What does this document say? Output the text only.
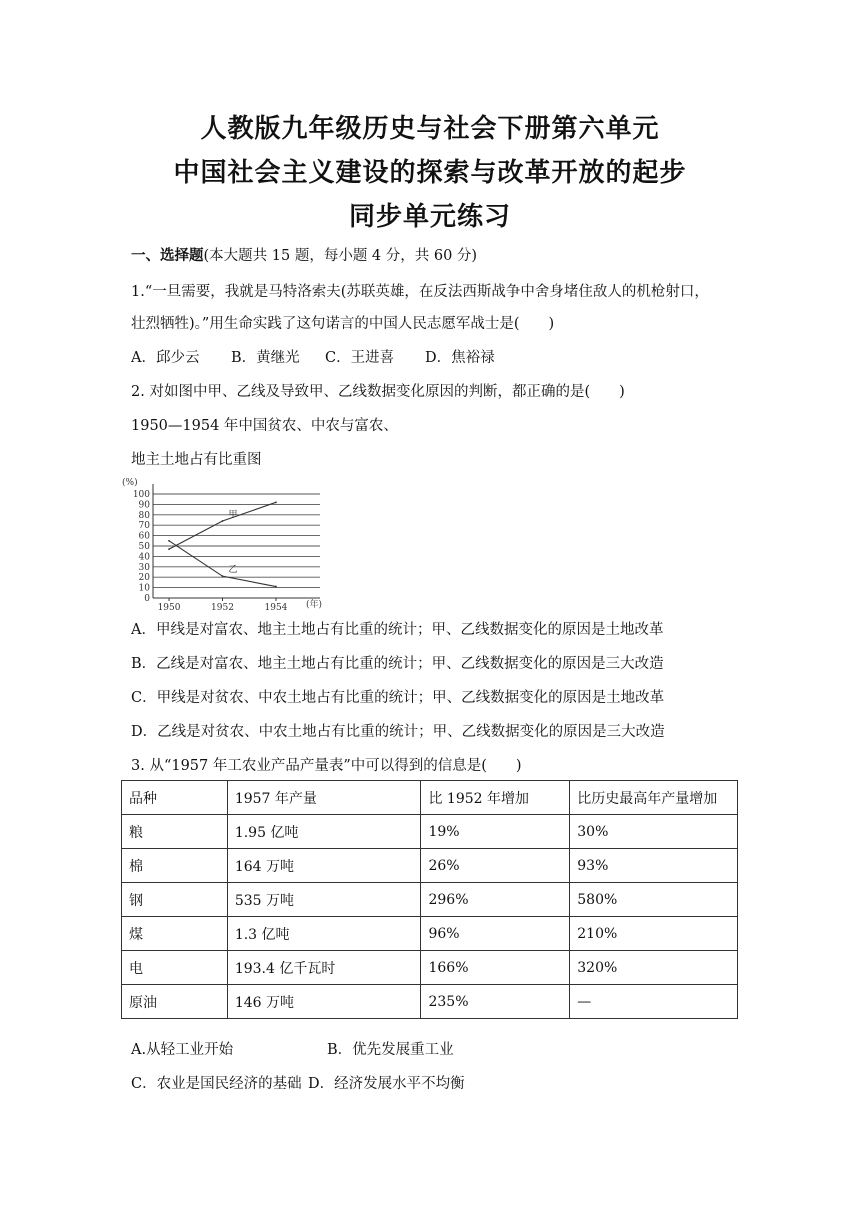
人教版九年级历史与社会下册第六单元
中国社会主义建设的探索与改革开放的起步
同步单元练习
一、选择题(本大题共 15 题，每小题 4 分，共 60 分)
1.“一旦需要，我就是马特洛索夫(苏联英雄，在反法西斯战争中舍身堵住敌人的机枪射口，
壮烈牺牲)。”用生命实践了这句诺言的中国人民志愿军战士是(　　)
A．邱少云 B．黄继光 C．王进喜 D．焦裕禄
2. 对如图中甲、乙线及导致甲、乙线数据变化原因的判断，都正确的是(　　)
1950—1954 年中国贫农、中农与富农、
地主土地占有比重图
0
10
20
30
40
50
60
70
80
90
100
1950	1952	1954
甲
乙
(%)
(年)
A．甲线是对富农、地主土地占有比重的统计；甲、乙线数据变化的原因是土地改革
B．乙线是对富农、地主土地占有比重的统计；甲、乙线数据变化的原因是三大改造
C．甲线是对贫农、中农土地占有比重的统计；甲、乙线数据变化的原因是土地改革
D．乙线是对贫农、中农土地占有比重的统计；甲、乙线数据变化的原因是三大改造
3. 从“1957 年工农业产品产量表”中可以得到的信息是(　　)
品种	1957 年产量	比 1952 年增加	比历史最高年产量增加
粮	1.95 亿吨	19%	30%
棉	164 万吨	26%	93%
钢	535 万吨	296%	580%
煤	1.3 亿吨	96%	210%
电	193.4 亿千瓦时	166%	320%
原油	146 万吨	235%	—
A.从轻工业开始	B．优先发展重工业
C．农业是国民经济的基础 D．经济发展水平不均衡
